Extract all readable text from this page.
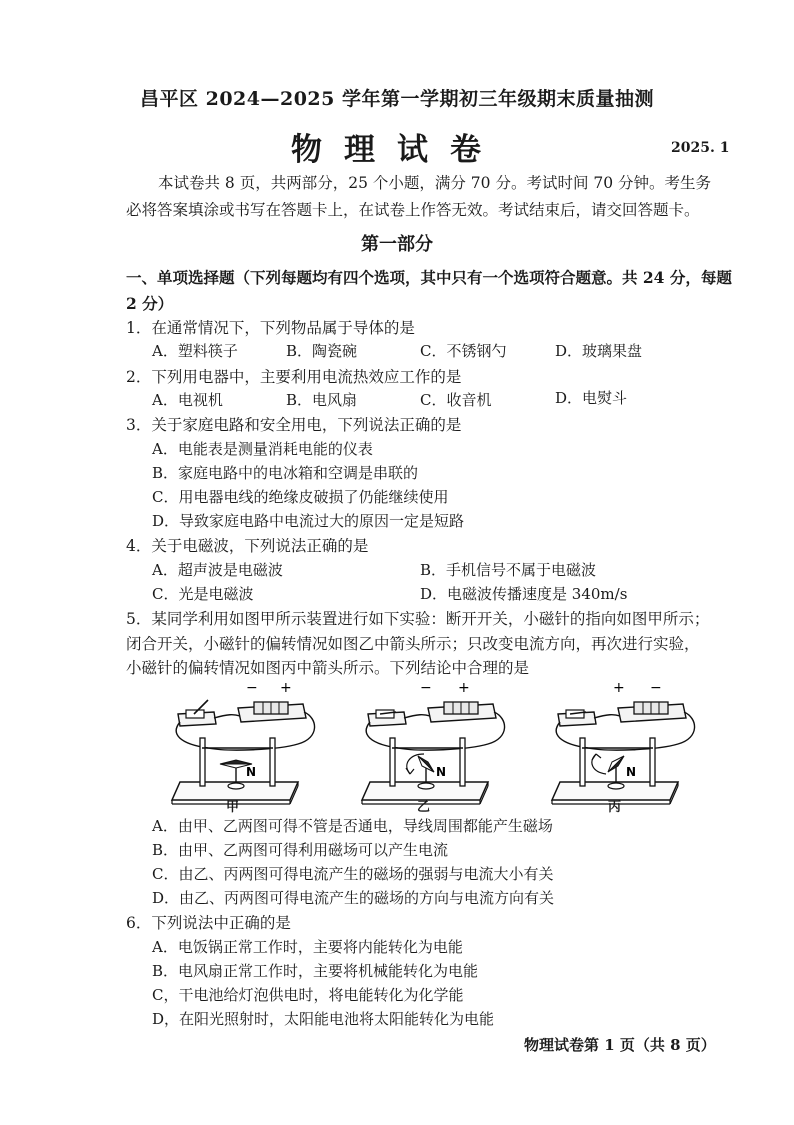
昌平区 2024—2025 学年第一学期初三年级期末质量抽测
物理试卷	2025. 1
本试卷共 8 页，共两部分，25 个小题，满分 70 分。考试时间 70 分钟。考生务必将答案填涂或书写在答题卡上，在试卷上作答无效。考试结束后，请交回答题卡。
第一部分
一、单项选择题（下列每题均有四个选项，其中只有一个选项符合题意。共 24 分，每题 2 分）
1．在通常情况下，下列物品属于导体的是
A．塑料筷子	B．陶瓷碗	C．不锈钢勺	D．玻璃果盘
2．下列用电器中，主要利用电流热效应工作的是
A．电视机	B．电风扇	C．收音机	D．电熨斗
3．关于家庭电路和安全用电，下列说法正确的是
A．电能表是测量消耗电能的仪表
B．家庭电路中的电冰箱和空调是串联的
C．用电器电线的绝缘皮破损了仍能继续使用
D．导致家庭电路中电流过大的原因一定是短路
4．关于电磁波，下列说法正确的是
A．超声波是电磁波	B．手机信号不属于电磁波
C．光是电磁波	D．电磁波传播速度是 340m/s
5．某同学利用如图甲所示装置进行如下实验：断开开关，小磁针的指向如图甲所示；
闭合开关，小磁针的偏转情况如图乙中箭头所示；只改变电流方向，再次进行实验，
小磁针的偏转情况如图丙中箭头所示。下列结论中合理的是
− +
N
− +
N
+ −
N
甲	乙	丙
A．由甲、乙两图可得不管是否通电，导线周围都能产生磁场
B．由甲、乙两图可得利用磁场可以产生电流
C．由乙、丙两图可得电流产生的磁场的强弱与电流大小有关
D．由乙、丙两图可得电流产生的磁场的方向与电流方向有关
6．下列说法中正确的是
A．电饭锅正常工作时，主要将内能转化为电能
B．电风扇正常工作时，主要将机械能转化为电能
C，干电池给灯泡供电时，将电能转化为化学能
D，在阳光照射时，太阳能电池将太阳能转化为电能
物理试卷第 1 页（共 8 页）
